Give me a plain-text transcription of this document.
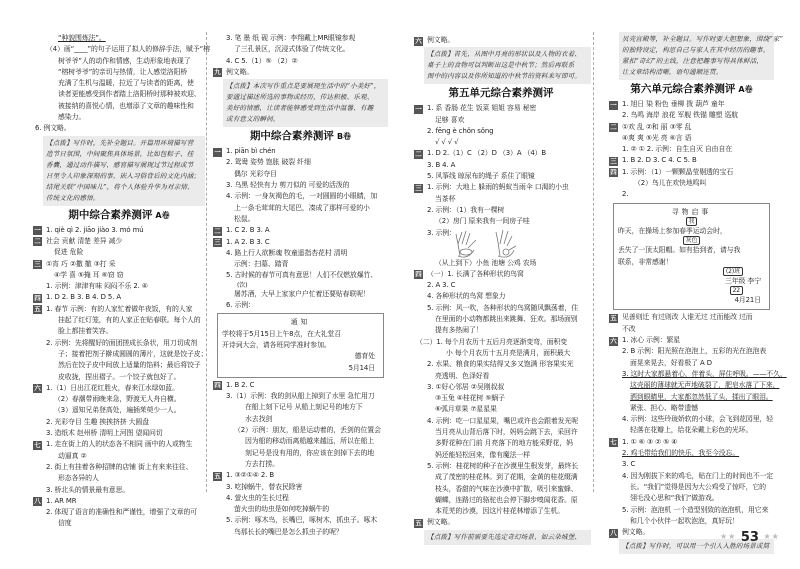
“种貌围炼法”。
（4）画“____”的句子运用了拟人的修辞手法，赋予“榕
树爷爷”人的动作和情感，生动形象地表现了
“榕树爷爷”的亲切与热情，让人感觉洛阳桥
充满了生机与温暖，拉近了与读者的距离，使
读者更能感受到作者踏上洛阳桥时那种被欢迎、
被接纳的喜悦心情，也增添了文章的趣味性和
感染力。
6. 例文略。
【点拨】写作时，先补全题目。开篇用环境描写营
造节日氛围，中间聚焦具体场景，比如包粽子、挂
香囊，通过动作描写、感官描写展现过节过程或节
日里令人印象深刻的事，嵌入习俗背后的文化内涵；
结尾关联“中国味儿”，将个人体验升华为对亲情、
传统文化的感悟。
期中综合素养测评 A卷
一 1. qiè qì 2. jiāo jiào 3. mó mú
二 社会 贡献 清楚 差异 减少
促进 危险
三 ①宵 巧 ②撒 撤 ③打 采
④学 喜 ⑤掩 耳 ⑥窃 窃
1. 示例：津津有味 闷闷不乐 2. ④
四 1. D 2. B 3. B 4. D 5. A
五 1. 春节 示例：有的人家忙着做年夜饭，有的人家
挂起了红灯笼，有的人家正在贴春联。每个人的
脸上都挂着笑容。
2. 示例：先将醒好的面团搓成长条状，用刀切成剂
子；接着把剂子擀成圆圆的薄片，这就是饺子皮；
然后在饺子皮中间放上适量的馅料；最后将饺子
皮收拢，捏出褶子。一个饺子就包好了。
六 1.（1）日出江花红胜火，春来江水绿如蓝。
（2）春潮带雨晚来急，野渡无人舟自横。
（3）遥知兄弟登高处，遍插茱萸少一人。
2. 光彩夺目 生趣 挨挨挤挤 大圆盘
3. 造纸术 赵州桥 清明上河图 望闻问切
七 1. 走在街上的人的状态各不相同 画中的人或物生
动逼真 ②
2. 街上有挂着各种招牌的店铺 街上有来来往往、
形态各异的人
3. 桥北头的情景最有意思。
八 1. AR MR
2. 体现了语言的准确性和严谨性，增强了文章的可
信度
3. 笔 墨 纸 砚 示例：李翔戴上MR眼镜参观
了三孔景区，沉浸式体验了传统文化。
4. C 5.（1）⑤ （2）②
九 例文略。
【点拨】本次写作重点是要展现生活中的“小美好”，
要通过描述所选的事物或经历，传达积极、乐观、
美好的情感，让读者能够感受到生活中温馨、有趣
或有意义的瞬间。
期中综合素养测评 B卷
一 1. piān bì chén
2. 鸳鸯 姿势 饱胀 破裂 纤细
偶尔 光彩夺目
3. 乌黑 轻快有力 剪刀似的 可爱的活泼的
4. 示例：一身灰褐色的毛，一对圆圆的小眼睛，加
上一条毛茸茸的大尾巴，凑成了那样可爱的小
松鼠。
二 1. C 2. B 3. A
三 1. A 2. B 3. C
4. 路上行人欲断魂 牧童遥指杏花村 清明
示例：扫墓、踏青
5. 古时候的春节可真有意思！人们不仅燃放爆竹、
(饮)
屠苏酒，大早上家家户户忙着还要贴春联呢！
6. 示例：
通知
学校将于5月15日上午8点，在大礼堂召
开诗词大会，请各班同学准时参加。
德育处
5月14日
四 1. B 2. C
3.（1）示例：我的剑从船上掉到了水里 急忙用刀
在船上刻下记号 从船上刻记号的地方下
水去找剑
（2）示例：朋友，船是运动着的，丢剑的位置会
因为船的移动而离船越来越远，所以在船上
刻记号是没有用的，你应该在剑掉下去的地
方去打捞。
五 1. ③②①④ 2. B
3. 吃掉蜗牛，替农民除害
4. 萤火虫的生长过程
萤火虫的幼虫是如何吃掉蜗牛的
5. 示例：啄木鸟，长嘴巴，啄树木，抓虫子。啄木
鸟那长长的嘴巴是怎么抓虫子的呢？
六 例文略。
【点拨】首先，从图中月亮的形状以及人物的衣着、
桌子上的食物可以判断出这是中秋节；然后再联系
图中的内容以及你所知道的中秋节的资料来写即可。
第五单元综合素养测评
一 1. 系 香肠 花生 饭菜 姐姐 容易 秘密
足够 喜欢
2. fēng è chǒn sǒng
√ √ √ √
二 1. D 2.（1）C （2）D （3）A （4）B
3. B 4. A
5. 风筝线 晾尿布的绳子 系住了眼镜
三 1. 示例：大地上 躲雨的蚂蚁当雨伞 口渴的小虫
当茶杯
2. 示例：（1）我有一棵树
（2）房门 原来我有一间房子哇
3. 示例：
（从上到下）小鱼 池塘 公鸡 农场
四 （一）1. 长满了各种形状的鸟窝
2. A 3. C
4. 各种形状的鸟窝 想象力
5. 示例：风一吹，各种形状的鸟窝随风飘荡着，住
在里面的小动物都跳出来跳舞、狂欢。那场面别
提有多热闹了！
（二）1. 每个月农历十五后月亮逐渐变弯，面积变
小 每个月农历十五月亮是满月，面积最大
2. 水果、粮食的果实结得又多又饱满 形容果实光
亮透明、色泽好看
3. ①好心邻居 ②吴刚叔叔
③玉兔 ④桂花树 ⑤蜗子
⑥弧月草果 ⑦星星果
4. 示例：吃一口星星果，嘴巴或许也会跟着发光呢
当月亮从山背后落下时，妈妈会跳下去，采回许
多野花种在门前 月亮落下的地方能采野花，妈
妈还能轻松回来，像有魔法一样
5. 示例：桂花树的种子在沙漠里生根发芽，最终长
成了茂密的桂花林。到了花期，金黄的桂花缀满
枝头，香甜的气味在沙漠中扩散，吸引来蜜蜂、
蝴蝶，连路过的骆驼也会停下脚步嗅闻花香。原
本荒芜的沙漠，因这片桂花林增添了生机。
五 例文略。
【点拨】写作前需要先选定奇幻场景，如云朵城堡、
贝壳宫殿等，补全题目。写作时要大胆想象，围绕“家”
的独特设定，构思自己与家人在其中经历的趣事。
紧扣“奇幻”的主线，注意把趣事写得具体鲜活，
让文章结构清晰，语句通顺连贯。
第六单元综合素养测评 A卷
一 1. 旭日 染 粉色 垂柳 拨 葫芦 童年
2. 鸟鸣 海岸 浪花 军舰 铁锚 雕塑 巡航
二 ①欢 乱 ②和 丽 ③零 乱
④爽 爽 ⑤光 亮 ⑥言 语
1. ② ① 2. 示例：自生自灭 自由自在
三 1. B 2. D 3. C 4. C 5. B
四 1. 示例：（1）一颗颗晶莹剔透的宝石
（2）鸟儿在欢快地鸣叫
2.
寻物启事
我
昨天，在操场上参加春季运动会时，
灰色
丢失了一顶太阳帽。如有拾到者，请与我
联系，非常感谢！
(2)班
三年级 李宁
22
4月21日
五 见善则迁 有过则改 人谁无过 过而能改 过而
不改
六 1. 冰心 示例：繁星
2. B 示例：阳光照在泡泡上，五彩的光在泡泡表
面晃来晃去，好看极了 A D
3. 这时大家都悬着心，伴着头，屏住呼吸。——不久，
这壳丽的薄球就无声地破裂了，肥皂水落了下来，
洒到眼睛里，大家都忽然低了头，揉出了眼泪。
紧张、担心、略带遗憾
4. 示例：这些玲珑娇软的小球，会飞到花园里，轻
轻落在花瓣上，给花朵戴上彩色的光环。
七 1. ① ⑥ ③ ② ⑤ ④
2. 鸡毛带给我们的快乐，我至今没忘。
3. C
4. 因为刚拔下来的鸡毛，贴在门上的时间也不一定
长。“我们”觉得是因为大公鸡受了惊吓，它的
翎毛没心思和“我们”做游戏。
5. 示例：泡泡机 一个造型别致的泡泡机，用它来
和几个小伙伴一起吹泡泡，真好玩！
八 例文略。
【点拨】写作时，可以用一个引人入胜的场景或简
★★ 53 ★★
